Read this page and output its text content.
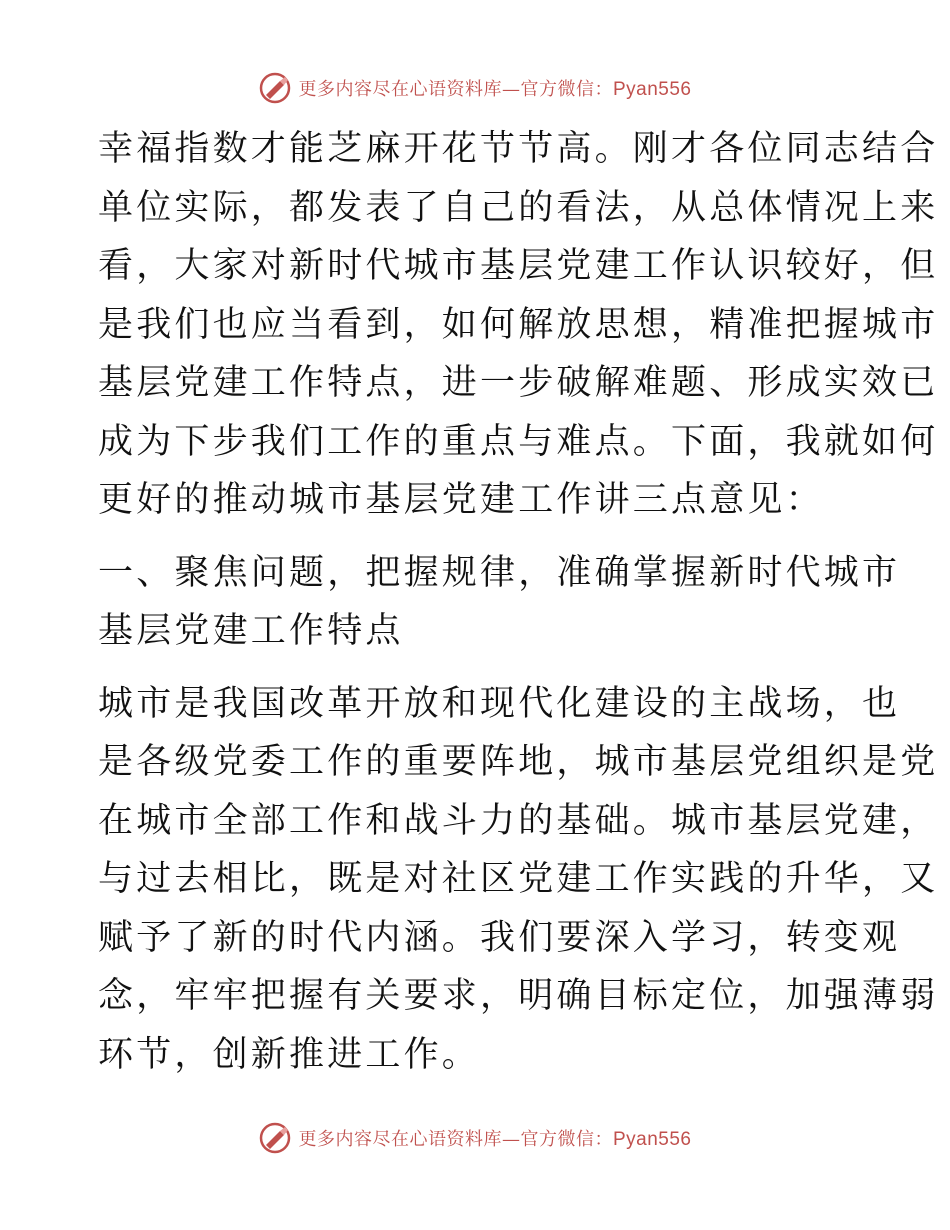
更多内容尽在心语资料库—官方微信：Pyan556

幸福指数才能芝麻开花节节高。刚才各位同志结合
单位实际，都发表了自己的看法，从总体情况上来
看，大家对新时代城市基层党建工作认识较好，但
是我们也应当看到，如何解放思想，精准把握城市
基层党建工作特点，进一步破解难题、形成实效已
成为下步我们工作的重点与难点。下面，我就如何
更好的推动城市基层党建工作讲三点意见：

一、聚焦问题，把握规律，准确掌握新时代城市
基层党建工作特点

城市是我国改革开放和现代化建设的主战场，也
是各级党委工作的重要阵地，城市基层党组织是党
在城市全部工作和战斗力的基础。城市基层党建，
与过去相比，既是对社区党建工作实践的升华，又
赋予了新的时代内涵。我们要深入学习，转变观
念，牢牢把握有关要求，明确目标定位，加强薄弱
环节，创新推进工作。

更多内容尽在心语资料库—官方微信：Pyan556
